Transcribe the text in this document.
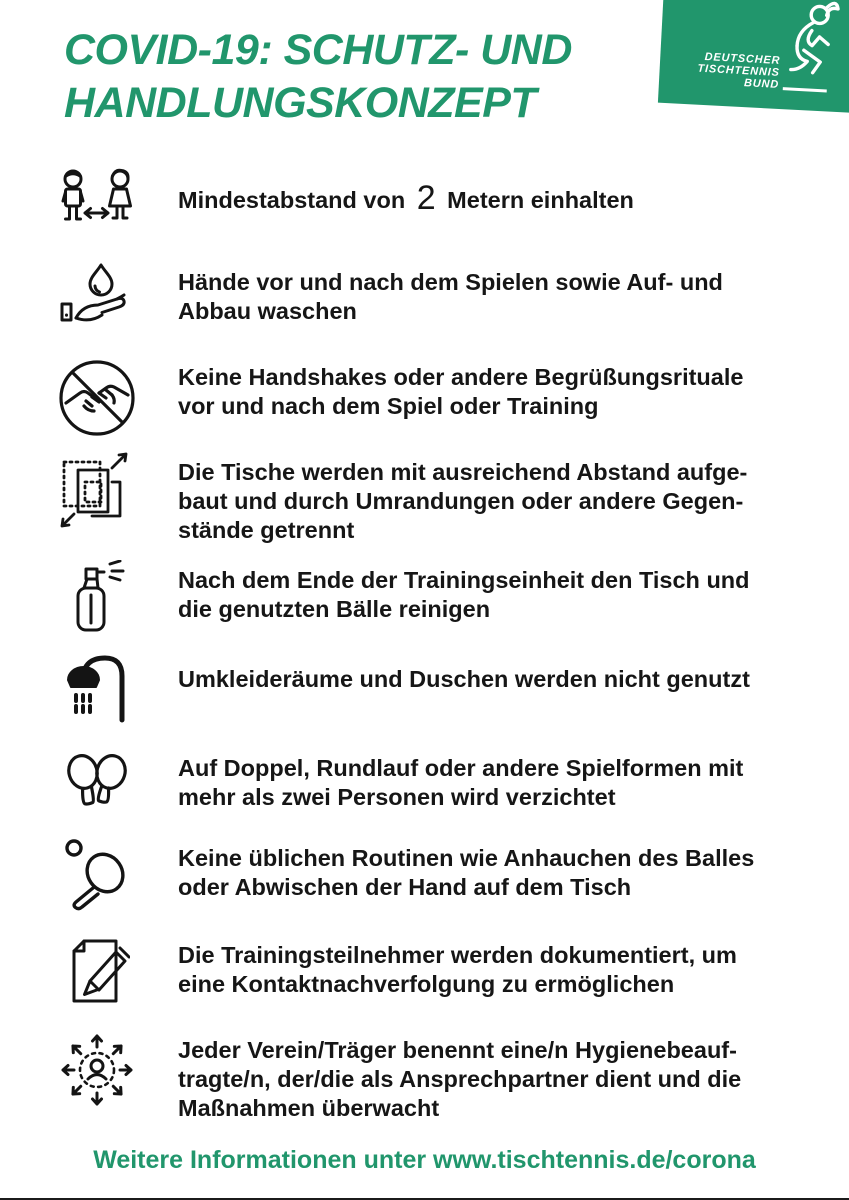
COVID-19: SCHUTZ- UND
HANDLUNGSKONZEPT
DEUTSCHER
TISCHTENNIS
BUND
Mindestabstand von 2 Metern einhalten
Hände vor und nach dem Spielen sowie Auf- und
Abbau waschen
Keine Handshakes oder andere Begrüßungsrituale
vor und nach dem Spiel oder Training
Die Tische werden mit ausreichend Abstand aufge-
baut und durch Umrandungen oder andere Gegen-
stände getrennt
Nach dem Ende der Trainingseinheit den Tisch und
die genutzten Bälle reinigen
Umkleideräume und Duschen werden nicht genutzt
Auf Doppel, Rundlauf oder andere Spielformen mit
mehr als zwei Personen wird verzichtet
Keine üblichen Routinen wie Anhauchen des Balles
oder Abwischen der Hand auf dem Tisch
Die Trainingsteilnehmer werden dokumentiert, um
eine Kontaktnachverfolgung zu ermöglichen
Jeder Verein/Träger benennt eine/n Hygienebeauf-
tragte/n, der/die als Ansprechpartner dient und die
Maßnahmen überwacht
Weitere Informationen unter www.tischtennis.de/corona
